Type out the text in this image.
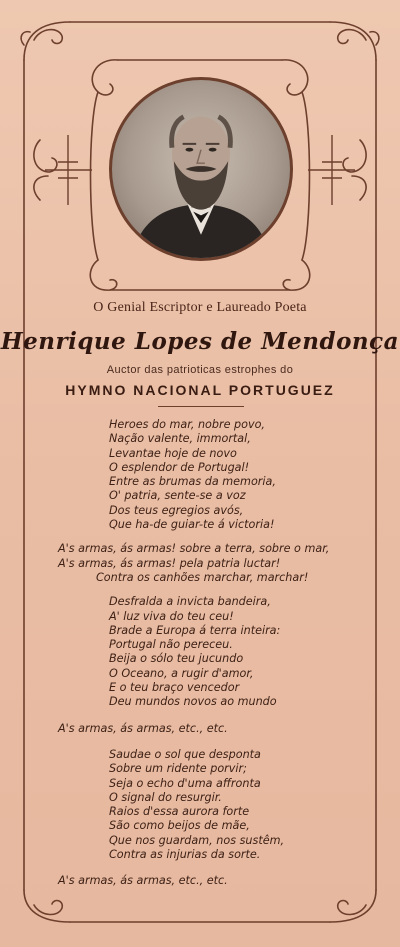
O Genial Escriptor e Laureado Poeta
Henrique Lopes de Mendonça
Auctor das patrioticas estrophes do
HYMNO NACIONAL PORTUGUEZ
Heroes do mar, nobre povo,
Nação valente, immortal,
Levantae hoje de novo
O esplendor de Portugal!
Entre as brumas da memoria,
O' patria, sente-se a voz
Dos teus egregios avós,
Que ha-de guiar-te á victoria!
A's armas, ás armas! sobre a terra, sobre o mar,
A's armas, ás armas! pela patria luctar!
Contra os canhões marchar, marchar!
Desfralda a invicta bandeira,
A' luz viva do teu ceu!
Brade a Europa á terra inteira:
Portugal não pereceu.
Beija o sólo teu jucundo
O Oceano, a rugir d'amor,
E o teu braço vencedor
Deu mundos novos ao mundo
A's armas, ás armas, etc., etc.
Saudae o sol que desponta
Sobre um ridente porvir;
Seja o echo d'uma affronta
O signal do resurgir.
Raios d'essa aurora forte
São como beijos de mãe,
Que nos guardam, nos sustêm,
Contra as injurias da sorte.
A's armas, ás armas, etc., etc.
